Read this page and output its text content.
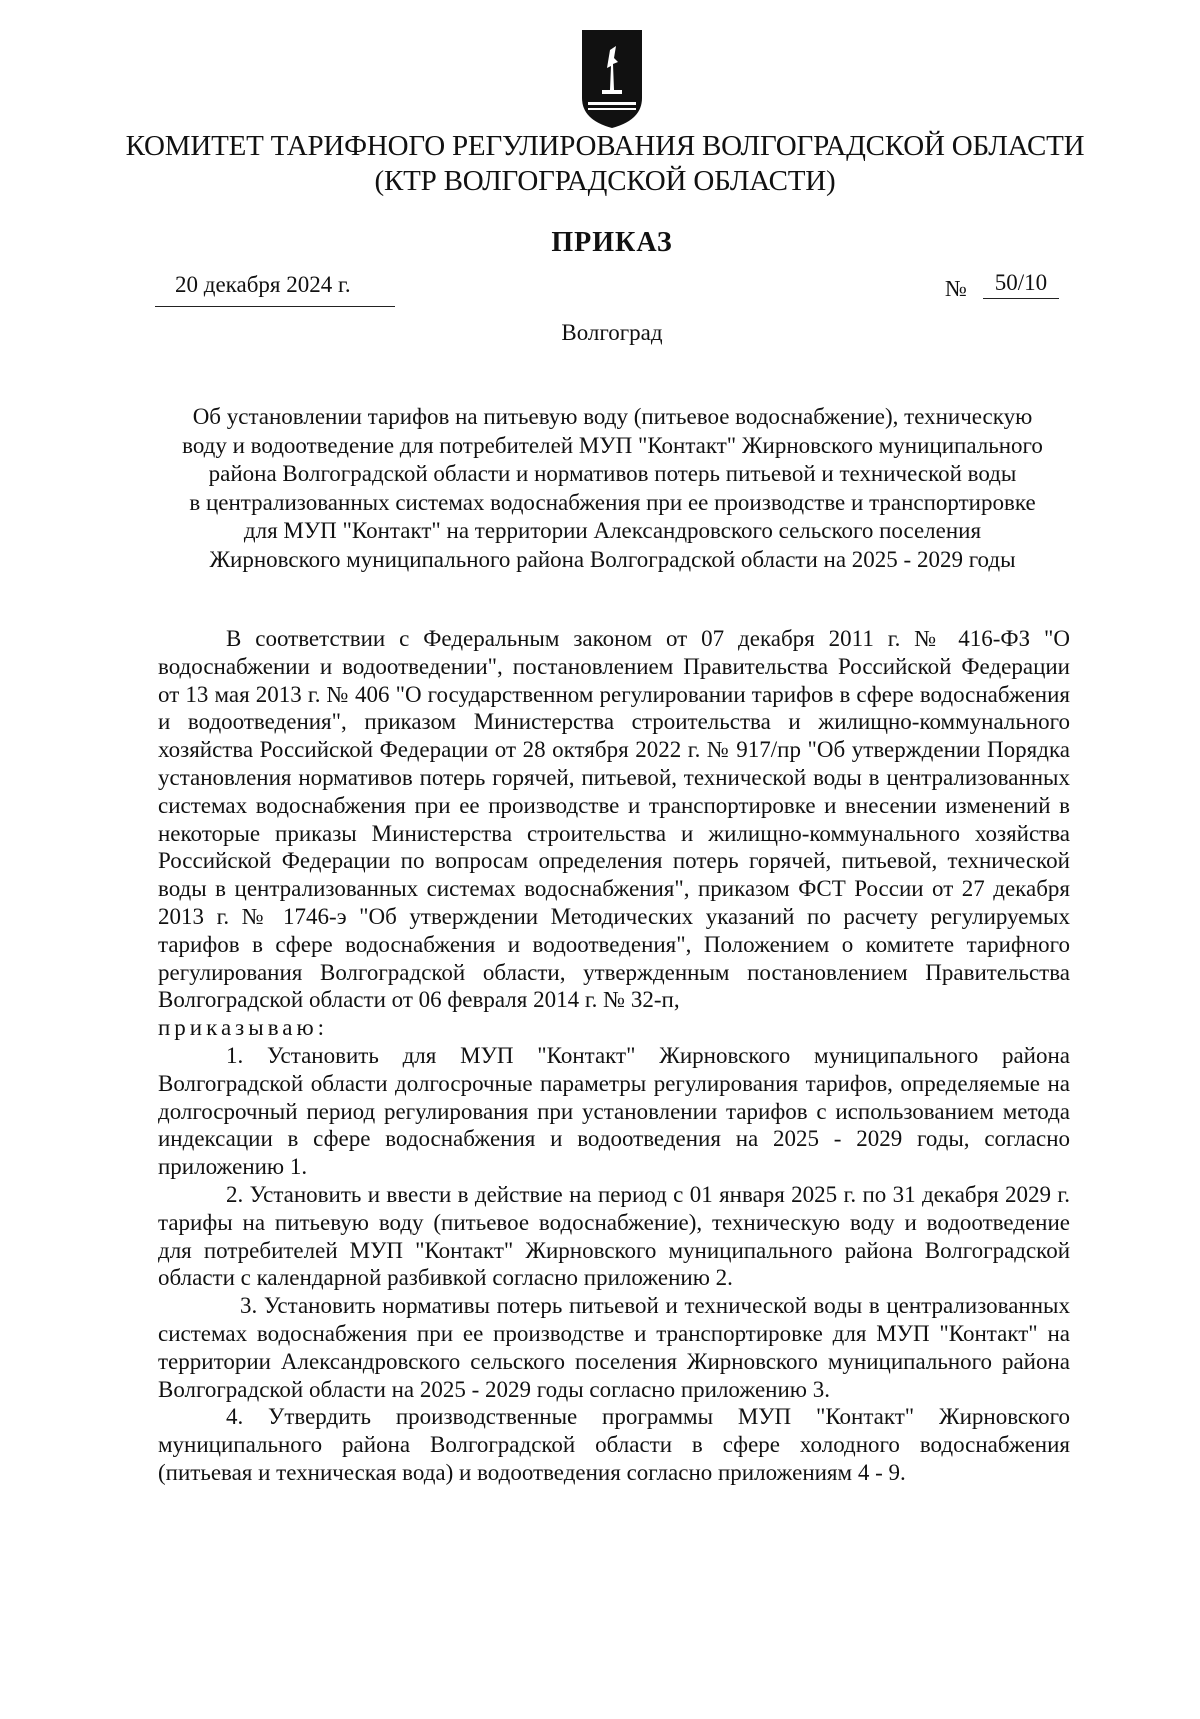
КОМИТЕТ ТАРИФНОГО РЕГУЛИРОВАНИЯ ВОЛГОГРАДСКОЙ ОБЛАСТИ
(КТР ВОЛГОГРАДСКОЙ ОБЛАСТИ)
ПРИКАЗ
20 декабря 2024 г.	№	50/10
Волгоград
Об установлении тарифов на питьевую воду (питьевое водоснабжение), техническую
воду и водоотведение для потребителей МУП "Контакт" Жирновского муниципального
района Волгоградской области и нормативов потерь питьевой и технической воды
в централизованных системах водоснабжения при ее производстве и транспортировке
для МУП "Контакт" на территории Александровского сельского поселения
Жирновского муниципального района Волгоградской области на 2025 - 2029 годы

В соответствии с Федеральным законом от 07 декабря 2011 г. № 416-ФЗ "О водоснабжении и водоотведении", постановлением Правительства Российской Федерации от 13 мая 2013 г. № 406 "О государственном регулировании тарифов в сфере водоснабжения и водоотведения", приказом Министерства строительства и жилищно-коммунального хозяйства Российской Федерации от 28 октября 2022 г. № 917/пр "Об утверждении Порядка установления нормативов потерь горячей, питьевой, технической воды в централизованных системах водоснабжения при ее производстве и транспортировке и внесении изменений в некоторые приказы Министерства строительства и жилищно-коммунального хозяйства Российской Федерации по вопросам определения потерь горячей, питьевой, технической воды в централизованных системах водоснабжения", приказом ФСТ России от 27 декабря 2013 г. № 1746-э "Об утверждении Методических указаний по расчету регулируемых тарифов в сфере водоснабжения и водоотведения", Положением о комитете тарифного регулирования Волгоградской области, утвержденным постановлением Правительства Волгоградской области от 06 февраля 2014 г. № 32-п,

приказываю:

1. Установить для МУП "Контакт" Жирновского муниципального района Волгоградской области долгосрочные параметры регулирования тарифов, определяемые на долгосрочный период регулирования при установлении тарифов с использованием метода индексации в сфере водоснабжения и водоотведения на 2025 - 2029 годы, согласно приложению 1.

2. Установить и ввести в действие на период с 01 января 2025 г. по 31 декабря 2029 г. тарифы на питьевую воду (питьевое водоснабжение), техническую воду и водоотведение для потребителей МУП "Контакт" Жирновского муниципального района Волгоградской области с календарной разбивкой согласно приложению 2.

3. Установить нормативы потерь питьевой и технической воды в централизованных системах водоснабжения при ее производстве и транспортировке для МУП "Контакт" на территории Александровского сельского поселения Жирновского муниципального района Волгоградской области на 2025 - 2029 годы согласно приложению 3.

4. Утвердить производственные программы МУП "Контакт" Жирновского муниципального района Волгоградской области в сфере холодного водоснабжения (питьевая и техническая вода) и водоотведения согласно приложениям 4 - 9.
